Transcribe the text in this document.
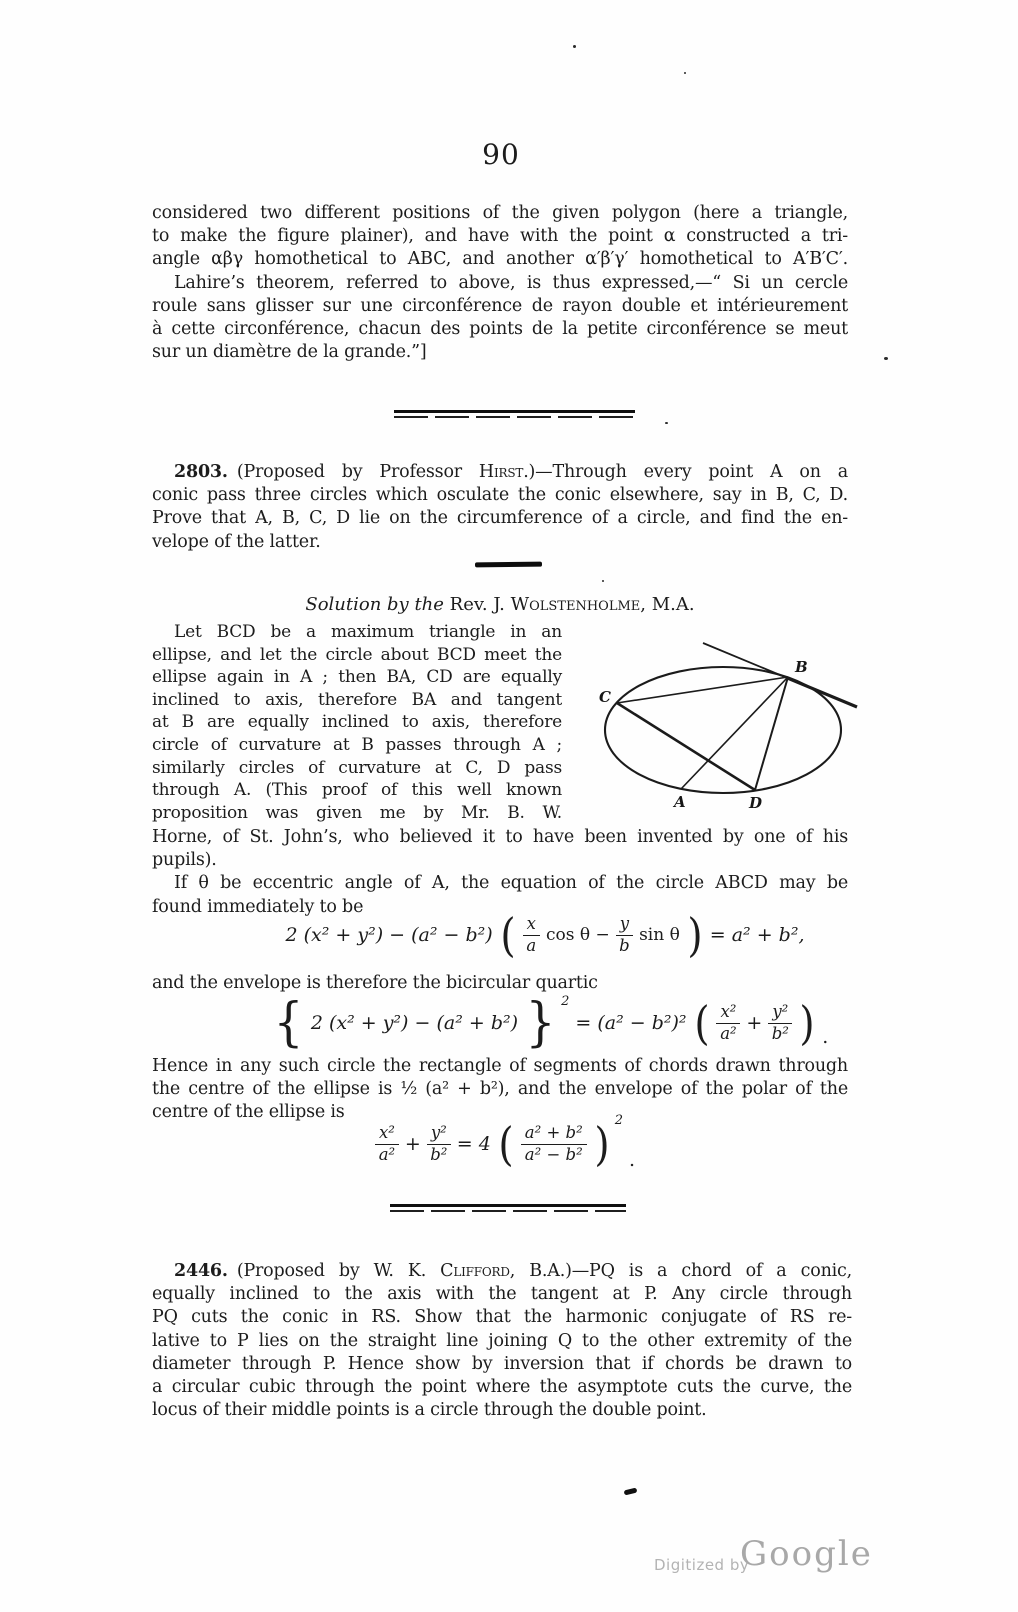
90
considered two different positions of the given polygon (here a triangle,
to make the figure plainer), and have with the point α constructed a tri-
angle αβγ homothetical to ABC, and another α′β′γ′ homothetical to A′B′C′.
Lahire’s theorem, referred to above, is thus expressed,—“ Si un cercle
roule sans glisser sur une circonférence de rayon double et intérieurement
à cette circonférence, chacun des points de la petite circonférence se meut
sur un diamètre de la grande.”]
2803. (Proposed by Professor Hirst.)—Through every point A on a
conic pass three circles which osculate the conic elsewhere, say in B, C, D.
Prove that A, B, C, D lie on the circumference of a circle, and find the en-
velope of the latter.
Solution by the Rev. J. Wolstenholme, M.A.
Let BCD be a maximum triangle in an
ellipse, and let the circle about BCD meet the
ellipse again in A ; then BA, CD are equally
inclined to axis, therefore BA and tangent
at B are equally inclined to axis, therefore
circle of curvature at B passes through A ;
similarly circles of curvature at C, D pass
through A. (This proof of this well known
proposition was given me by Mr. B. W.
B
C
A	D
Horne, of St. John’s, who believed it to have been invented by one of his
pupils).
If θ be eccentric angle of A, the equation of the circle ABCD may be
found immediately to be
2 (x² + y²) − (a² − b²) ( $\frac{x}{a}$ $\cos \theta - \frac{y}{b}$ sin θ ) = a² + b²,
and the envelope is therefore the bicircular quartic
{ 2 (x² + y²) − (a² + b²) } 2
= (a² − b²)² ( $\frac{\text{x²}}{\text{a²}} + \frac{\text{y²}}{\text{b²}}$ ) .
Hence in any such circle the rectangle of segments of chords drawn through
the centre of the ellipse is ½ (a² + b²), and the envelope of the polar of the
centre of the ellipse is
$\frac{\text{x²}}{\text{a²}} + \frac{\text{y²}}{\text{b²}} = 4$ ( $\frac{\text{a² + b²}}{\text{a² − b²}}$ ) 2
.
2446. (Proposed by W. K. Clifford, B.A.)—PQ is a chord of a conic,
equally inclined to the axis with the tangent at P. Any circle through
PQ cuts the conic in RS. Show that the harmonic conjugate of RS re-
lative to P lies on the straight line joining Q to the other extremity of the
diameter through P. Hence show by inversion that if chords be drawn to
a circular cubic through the point where the asymptote cuts the curve, the
locus of their middle points is a circle through the double point.
Digitized by
Google
